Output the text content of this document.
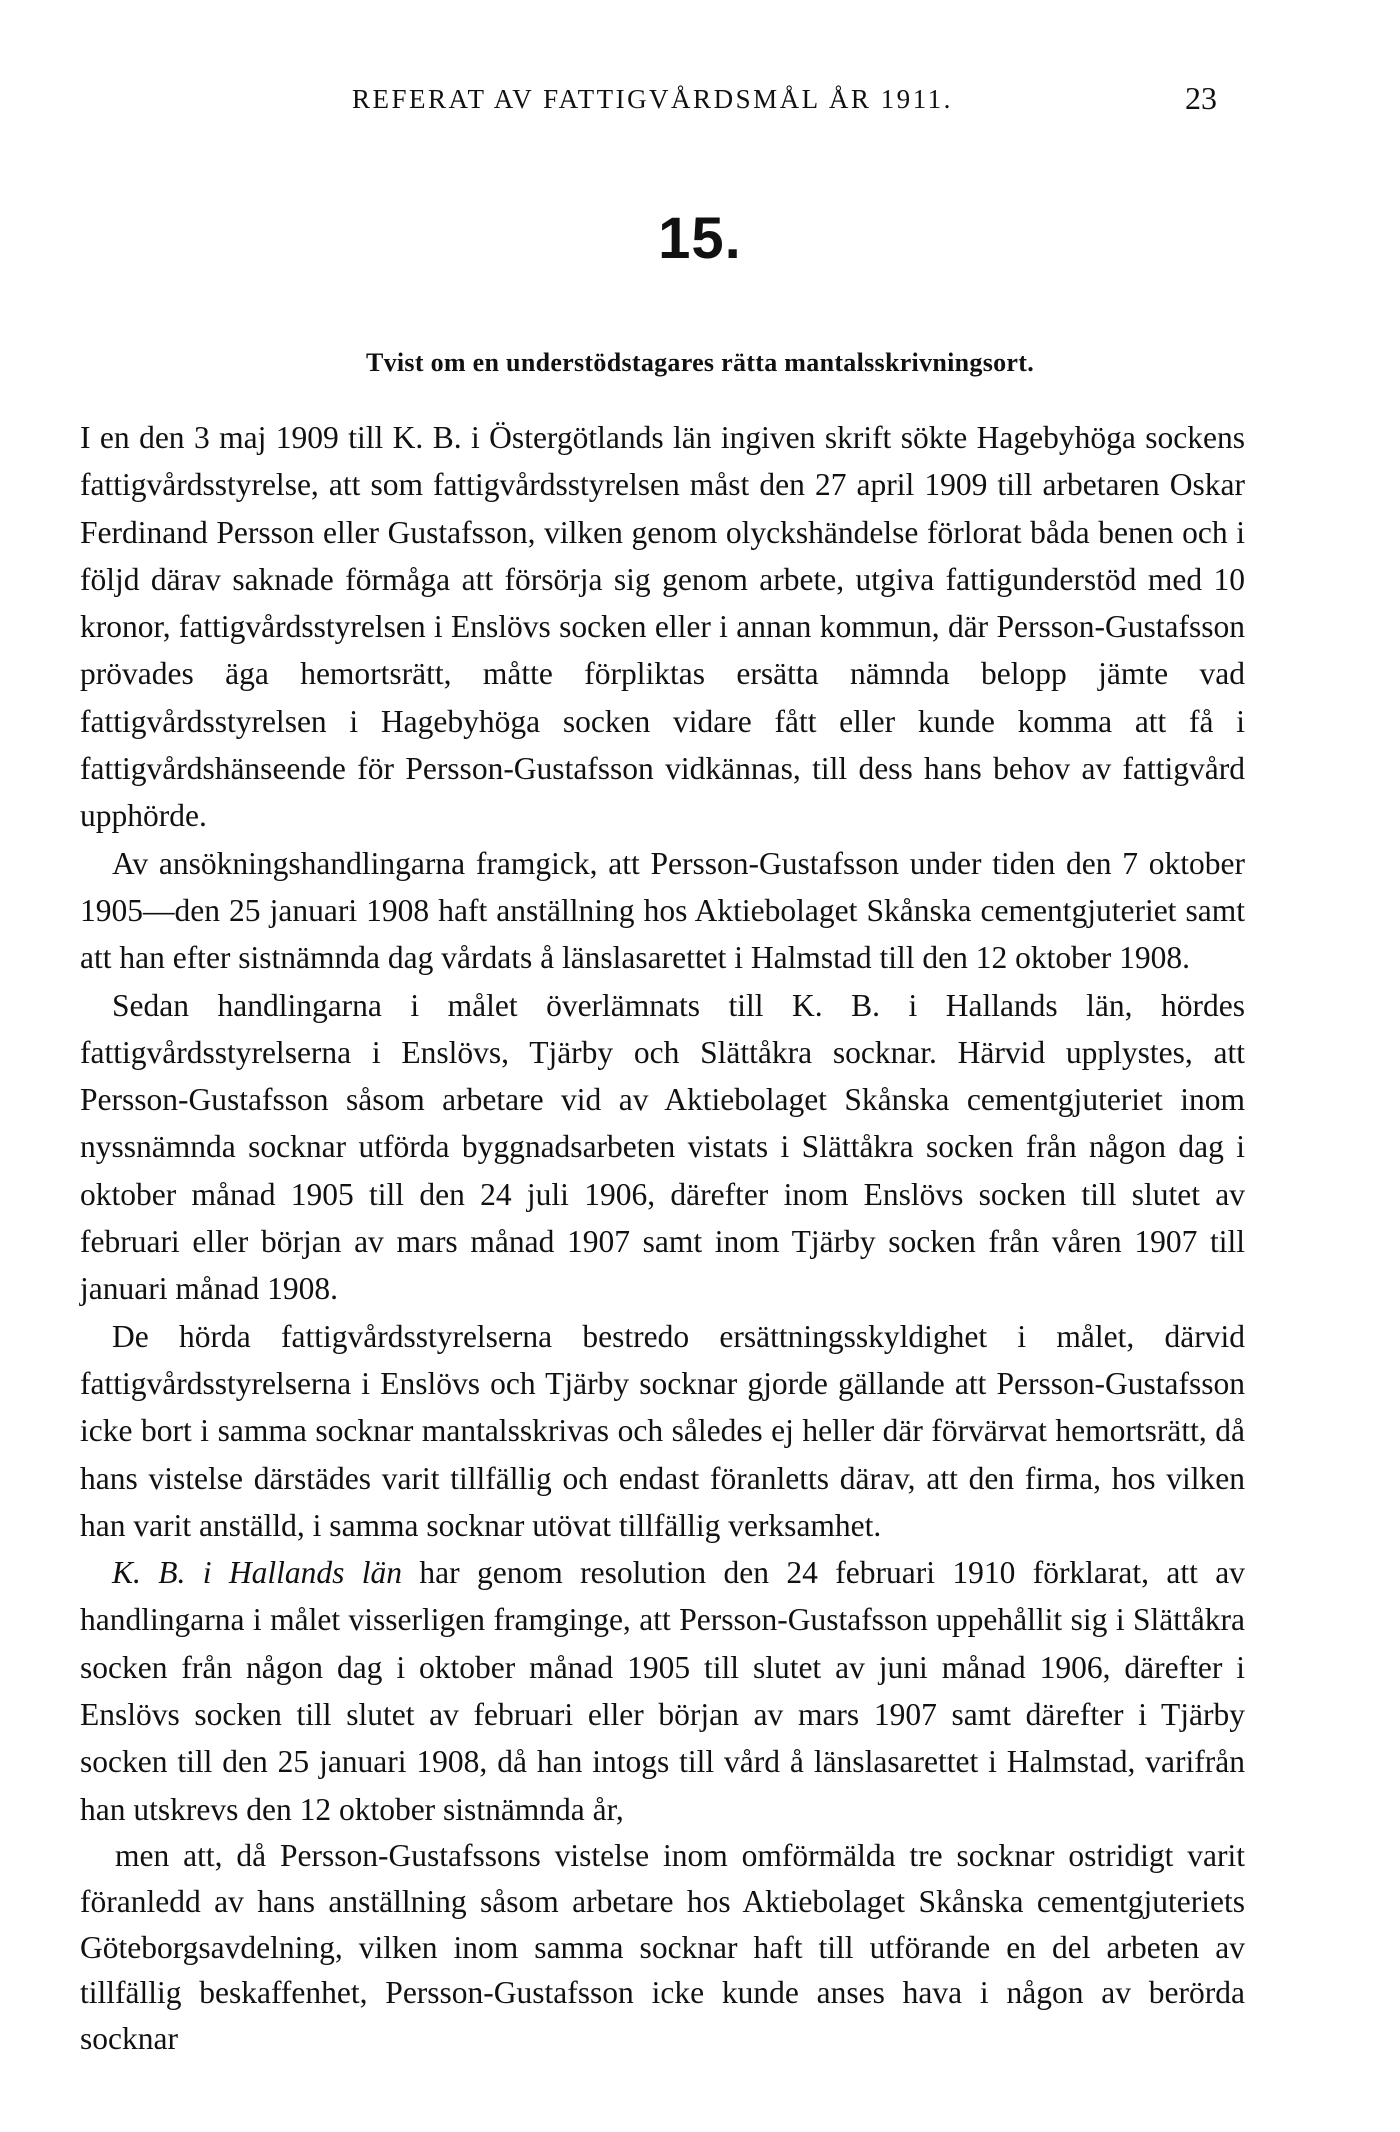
REFERAT AV FATTIGVÅRDSMÅL ÅR 1911.	23
15.
Tvist om en understödstagares rätta mantalsskrivningsort.

I en den 3 maj 1909 till K. B. i Östergötlands län ingiven skrift sökte Hagebyhöga sockens fattigvårdsstyrelse, att som fattigvårdsstyrelsen måst den 27 april 1909 till arbetaren Oskar Ferdinand Persson eller Gustafsson, vilken genom olyckshändelse förlorat båda benen och i följd därav saknade förmåga att försörja sig genom arbete, utgiva fattigunderstöd med 10 kronor, fattigvårdsstyrelsen i Enslövs socken eller i annan kommun, där Persson-Gustafsson prövades äga hemortsrätt, måtte förpliktas ersätta nämnda belopp jämte vad fattigvårdsstyrelsen i Hagebyhöga socken vidare fått eller kunde komma att få i fattigvårdshänseende för Persson-Gustafsson vidkännas, till dess hans behov av fattigvård upphörde.

Av ansökningshandlingarna framgick, att Persson-Gustafsson under tiden den 7 oktober 1905—den 25 januari 1908 haft anställning hos Aktiebolaget Skånska cementgjuteriet samt att han efter sistnämnda dag vårdats å länslasarettet i Halmstad till den 12 oktober 1908.

Sedan handlingarna i målet överlämnats till K. B. i Hallands län, hördes fattigvårdsstyrelserna i Enslövs, Tjärby och Slättåkra socknar. Härvid upplystes, att Persson-Gustafsson såsom arbetare vid av Aktiebolaget Skånska cementgjuteriet inom nyssnämnda socknar utförda byggnadsarbeten vistats i Slättåkra socken från någon dag i oktober månad 1905 till den 24 juli 1906, därefter inom Enslövs socken till slutet av februari eller början av mars månad 1907 samt inom Tjärby socken från våren 1907 till januari månad 1908.

De hörda fattigvårdsstyrelserna bestredo ersättningsskyldighet i målet, därvid fattigvårdsstyrelserna i Enslövs och Tjärby socknar gjorde gällande att Persson-Gustafsson icke bort i samma socknar mantalsskrivas och således ej heller där förvärvat hemortsrätt, då hans vistelse därstädes varit tillfällig och endast föranletts därav, att den firma, hos vilken han varit anställd, i samma socknar utövat tillfällig verksamhet.

K. B. i Hallands län har genom resolution den 24 februari 1910 förklarat, att av handlingarna i målet visserligen framginge, att Persson-Gustafsson uppehållit sig i Slättåkra socken från någon dag i oktober månad 1905 till slutet av juni månad 1906, därefter i Enslövs socken till slutet av februari eller början av mars 1907 samt därefter i Tjärby socken till den 25 januari 1908, då han intogs till vård å länslasarettet i Halmstad, varifrån han utskrevs den 12 oktober sistnämnda år,

men att, då Persson-Gustafssons vistelse inom omförmälda tre socknar ostridigt varit föranledd av hans anställning såsom arbetare hos Aktiebolaget Skånska cementgjuteriets Göteborgsavdelning, vilken inom samma socknar haft till utförande en del arbeten av tillfällig beskaffenhet, Persson-Gustafsson icke kunde anses hava i någon av berörda socknar
